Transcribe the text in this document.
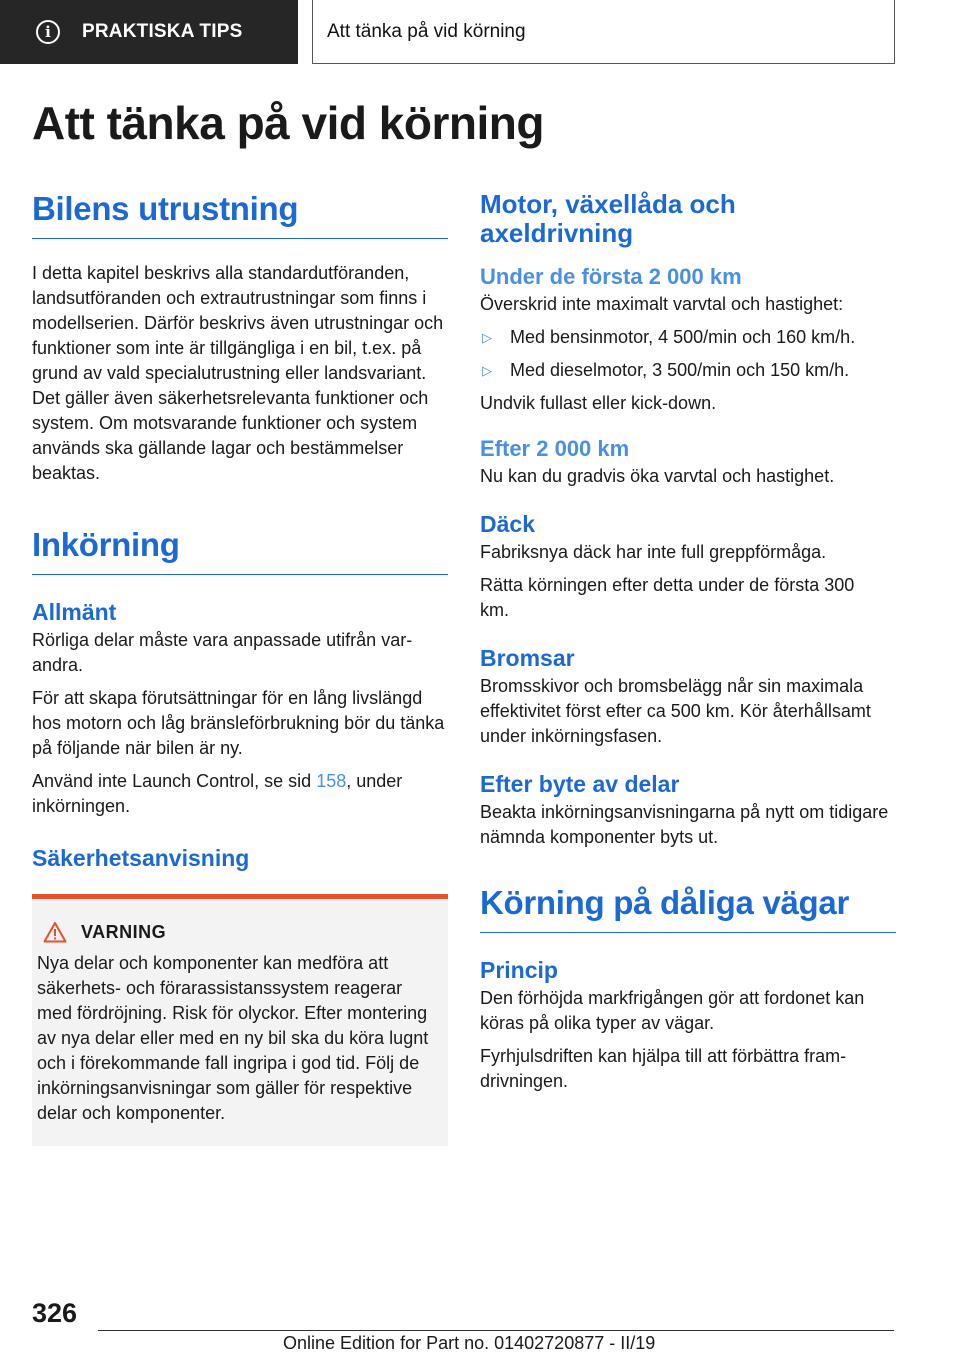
i	PRAKTISKA TIPS	Att tänka på vid körning
Att tänka på vid körning
Bilens utrustning

I detta kapitel beskrivs alla standardutföranden, landsutföranden och extrautrustningar som finns i modellserien. Därför beskrivs även utrustningar och funktioner som inte är tillgängliga i en bil, t.ex. på grund av vald specialutrustning eller landsvariant. Det gäller även säkerhetsrelevanta funktioner och system. Om motsvarande funktioner och system används ska gällande lagar och bestämmelser beaktas.

Inkörning
Allmänt

Rörliga delar måste vara anpassade utifrån varandra.

För att skapa förutsättningar för en lång livslängd hos motorn och låg bränsleförbrukning bör du tänka på följande när bilen är ny.

Använd inte Launch Control, se sid 158, under inkörningen.

Säkerhetsanvisning
VARNING

Nya delar och komponenter kan medföra att säkerhets- och förarassistanssystem reagerar med fördröjning. Risk för olyckor. Efter montering av nya delar eller med en ny bil ska du köra lugnt och i förekommande fall ingripa i god tid. Följ de inkörningsanvisningar som gäller för respektive delar och komponenter.

Motor, växellåda och axeldrivning
Under de första 2 000 km

Överskrid inte maximalt varvtal och hastighet:

▷	Med bensinmotor, 4 500/min och 160 km/h.
▷	Med dieselmotor, 3 500/min och 150 km/h.

Undvik fullast eller kick-down.

Efter 2 000 km

Nu kan du gradvis öka varvtal och hastighet.

Däck

Fabriksnya däck har inte full greppförmåga.

Rätta körningen efter detta under de första 300 km.

Bromsar

Bromsskivor och bromsbelägg når sin maximala effektivitet först efter ca 500 km. Kör återhållsamt under inkörningsfasen.

Efter byte av delar

Beakta inkörningsanvisningarna på nytt om tidigare nämnda komponenter byts ut.

Körning på dåliga vägar
Princip

Den förhöjda markfrigången gör att fordonet kan köras på olika typer av vägar.

Fyrhjulsdriften kan hjälpa till att förbättra framdrivningen.

326
Online Edition for Part no. 01402720877 - II/19
